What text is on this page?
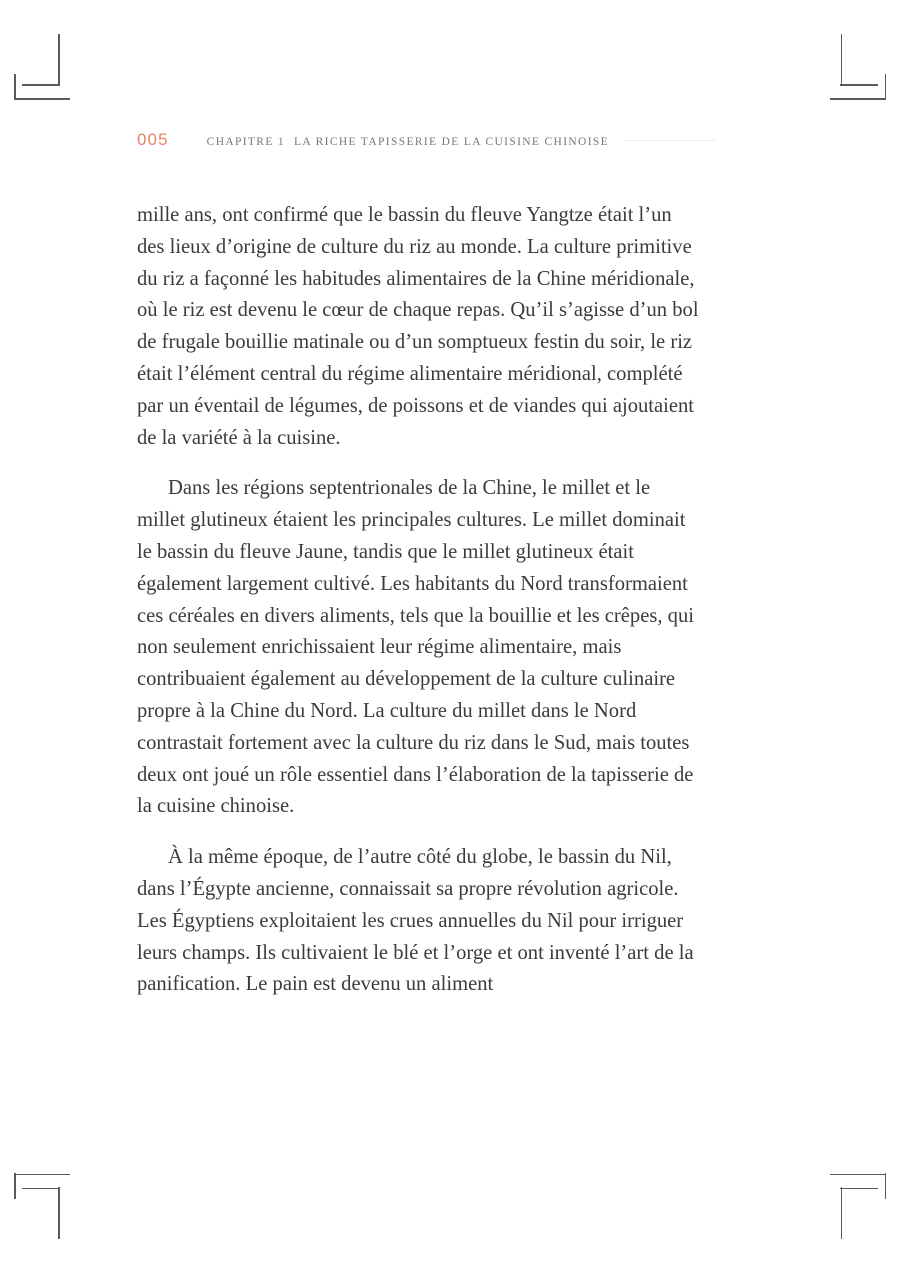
005	CHAPITRE 1 LA RICHE TAPISSERIE DE LA CUISINE CHINOISE

mille ans, ont confirmé que le bassin du fleuve Yangtze était l’un des lieux d’origine de culture du riz au monde. La culture primitive du riz a façonné les habitudes alimentaires de la Chine méridionale, où le riz est devenu le cœur de chaque repas. Qu’il s’agisse d’un bol de frugale bouillie matinale ou d’un somptueux festin du soir, le riz était l’élément central du régime alimentaire méridional, complété par un éventail de légumes, de poissons et de viandes qui ajoutaient de la variété à la cuisine.

Dans les régions septentrionales de la Chine, le millet et le millet glutineux étaient les principales cultures. Le millet dominait le bassin du fleuve Jaune, tandis que le millet glutineux était également largement cultivé. Les habitants du Nord transformaient ces céréales en divers aliments, tels que la bouillie et les crêpes, qui non seulement enrichissaient leur régime alimentaire, mais contribuaient également au développement de la culture culinaire propre à la Chine du Nord. La culture du millet dans le Nord contrastait fortement avec la culture du riz dans le Sud, mais toutes deux ont joué un rôle essentiel dans l’élaboration de la tapisserie de la cuisine chinoise.

À la même époque, de l’autre côté du globe, le bassin du Nil, dans l’Égypte ancienne, connaissait sa propre révolution agricole. Les Égyptiens exploitaient les crues annuelles du Nil pour irriguer leurs champs. Ils cultivaient le blé et l’orge et ont inventé l’art de la panification. Le pain est devenu un aliment
